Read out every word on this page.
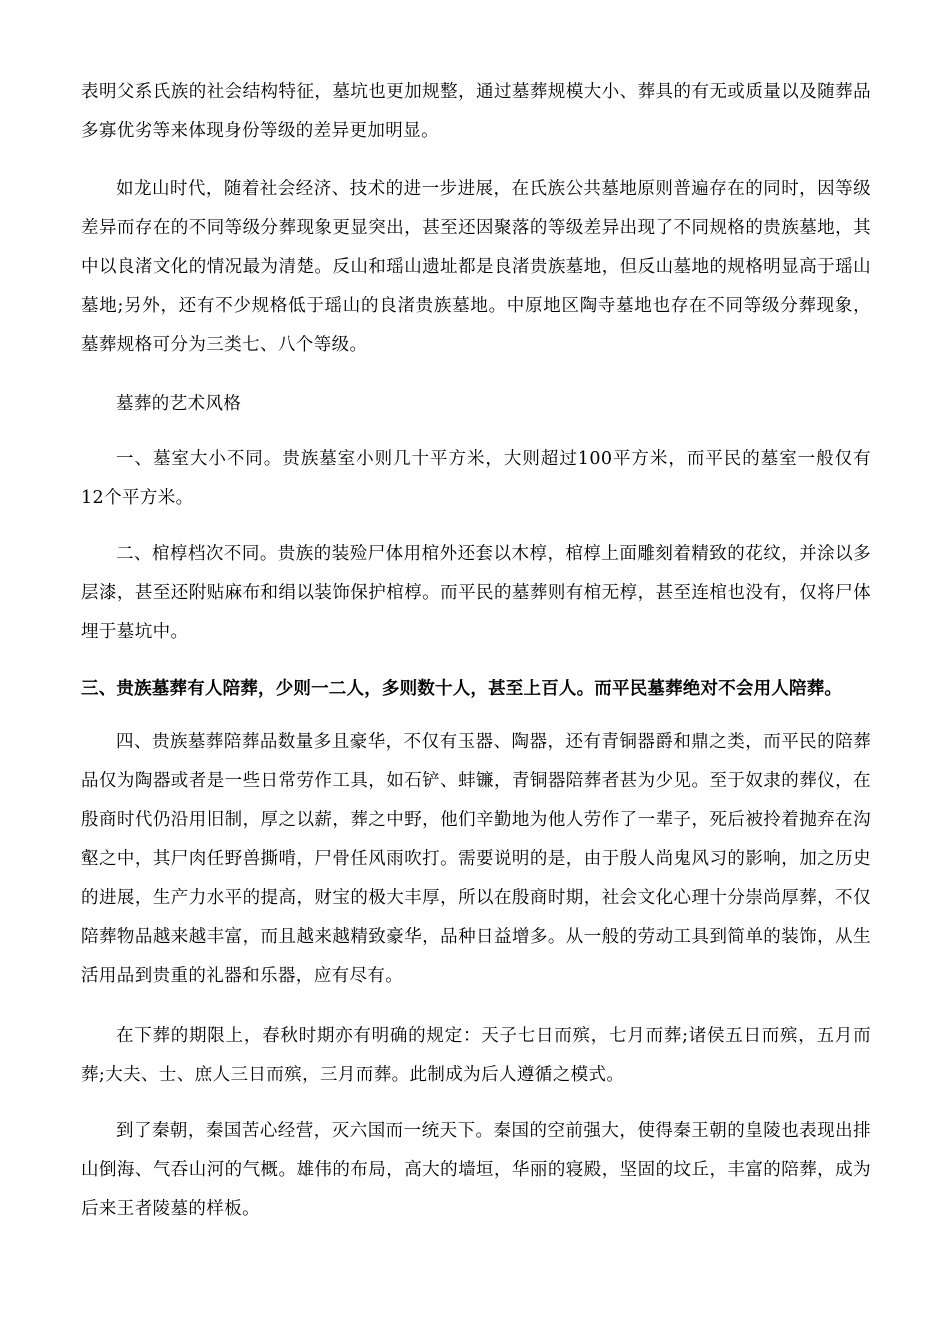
表明父系氏族的社会结构特征，墓坑也更加规整，通过墓葬规模大小、葬具的有无或质量以及随葬品多寡优劣等来体现身份等级的差异更加明显。

如龙山时代，随着社会经济、技术的进一步进展，在氏族公共墓地原则普遍存在的同时，因等级差异而存在的不同等级分葬现象更显突出，甚至还因聚落的等级差异出现了不同规格的贵族墓地，其中以良渚文化的情况最为清楚。反山和瑶山遗址都是良渚贵族墓地，但反山墓地的规格明显高于瑶山墓地;另外，还有不少规格低于瑶山的良渚贵族墓地。中原地区陶寺墓地也存在不同等级分葬现象，墓葬规格可分为三类七、八个等级。

墓葬的艺术风格

一、墓室大小不同。贵族墓室小则几十平方米，大则超过100平方米，而平民的墓室一般仅有12个平方米。

二、棺椁档次不同。贵族的装殓尸体用棺外还套以木椁，棺椁上面雕刻着精致的花纹，并涂以多层漆，甚至还附贴麻布和绢以装饰保护棺椁。而平民的墓葬则有棺无椁，甚至连棺也没有，仅将尸体埋于墓坑中。

三、贵族墓葬有人陪葬，少则一二人，多则数十人，甚至上百人。而平民墓葬绝对不会用人陪葬。

四、贵族墓葬陪葬品数量多且豪华，不仅有玉器、陶器，还有青铜器爵和鼎之类，而平民的陪葬品仅为陶器或者是一些日常劳作工具，如石铲、蚌镰，青铜器陪葬者甚为少见。至于奴隶的葬仪，在殷商时代仍沿用旧制，厚之以薪，葬之中野，他们辛勤地为他人劳作了一辈子，死后被拎着抛弃在沟壑之中，其尸肉任野兽撕啃，尸骨任风雨吹打。需要说明的是，由于殷人尚鬼风习的影响，加之历史的进展，生产力水平的提高，财宝的极大丰厚，所以在殷商时期，社会文化心理十分崇尚厚葬，不仅陪葬物品越来越丰富，而且越来越精致豪华，品种日益增多。从一般的劳动工具到简单的装饰，从生活用品到贵重的礼器和乐器，应有尽有。

在下葬的期限上，春秋时期亦有明确的规定：天子七日而殡，七月而葬;诸侯五日而殡，五月而葬;大夫、士、庶人三日而殡，三月而葬。此制成为后人遵循之模式。

到了秦朝，秦国苦心经营，灭六国而一统天下。秦国的空前强大，使得秦王朝的皇陵也表现出排山倒海、气吞山河的气概。雄伟的布局，高大的墙垣，华丽的寝殿，坚固的坟丘，丰富的陪葬，成为后来王者陵墓的样板。
